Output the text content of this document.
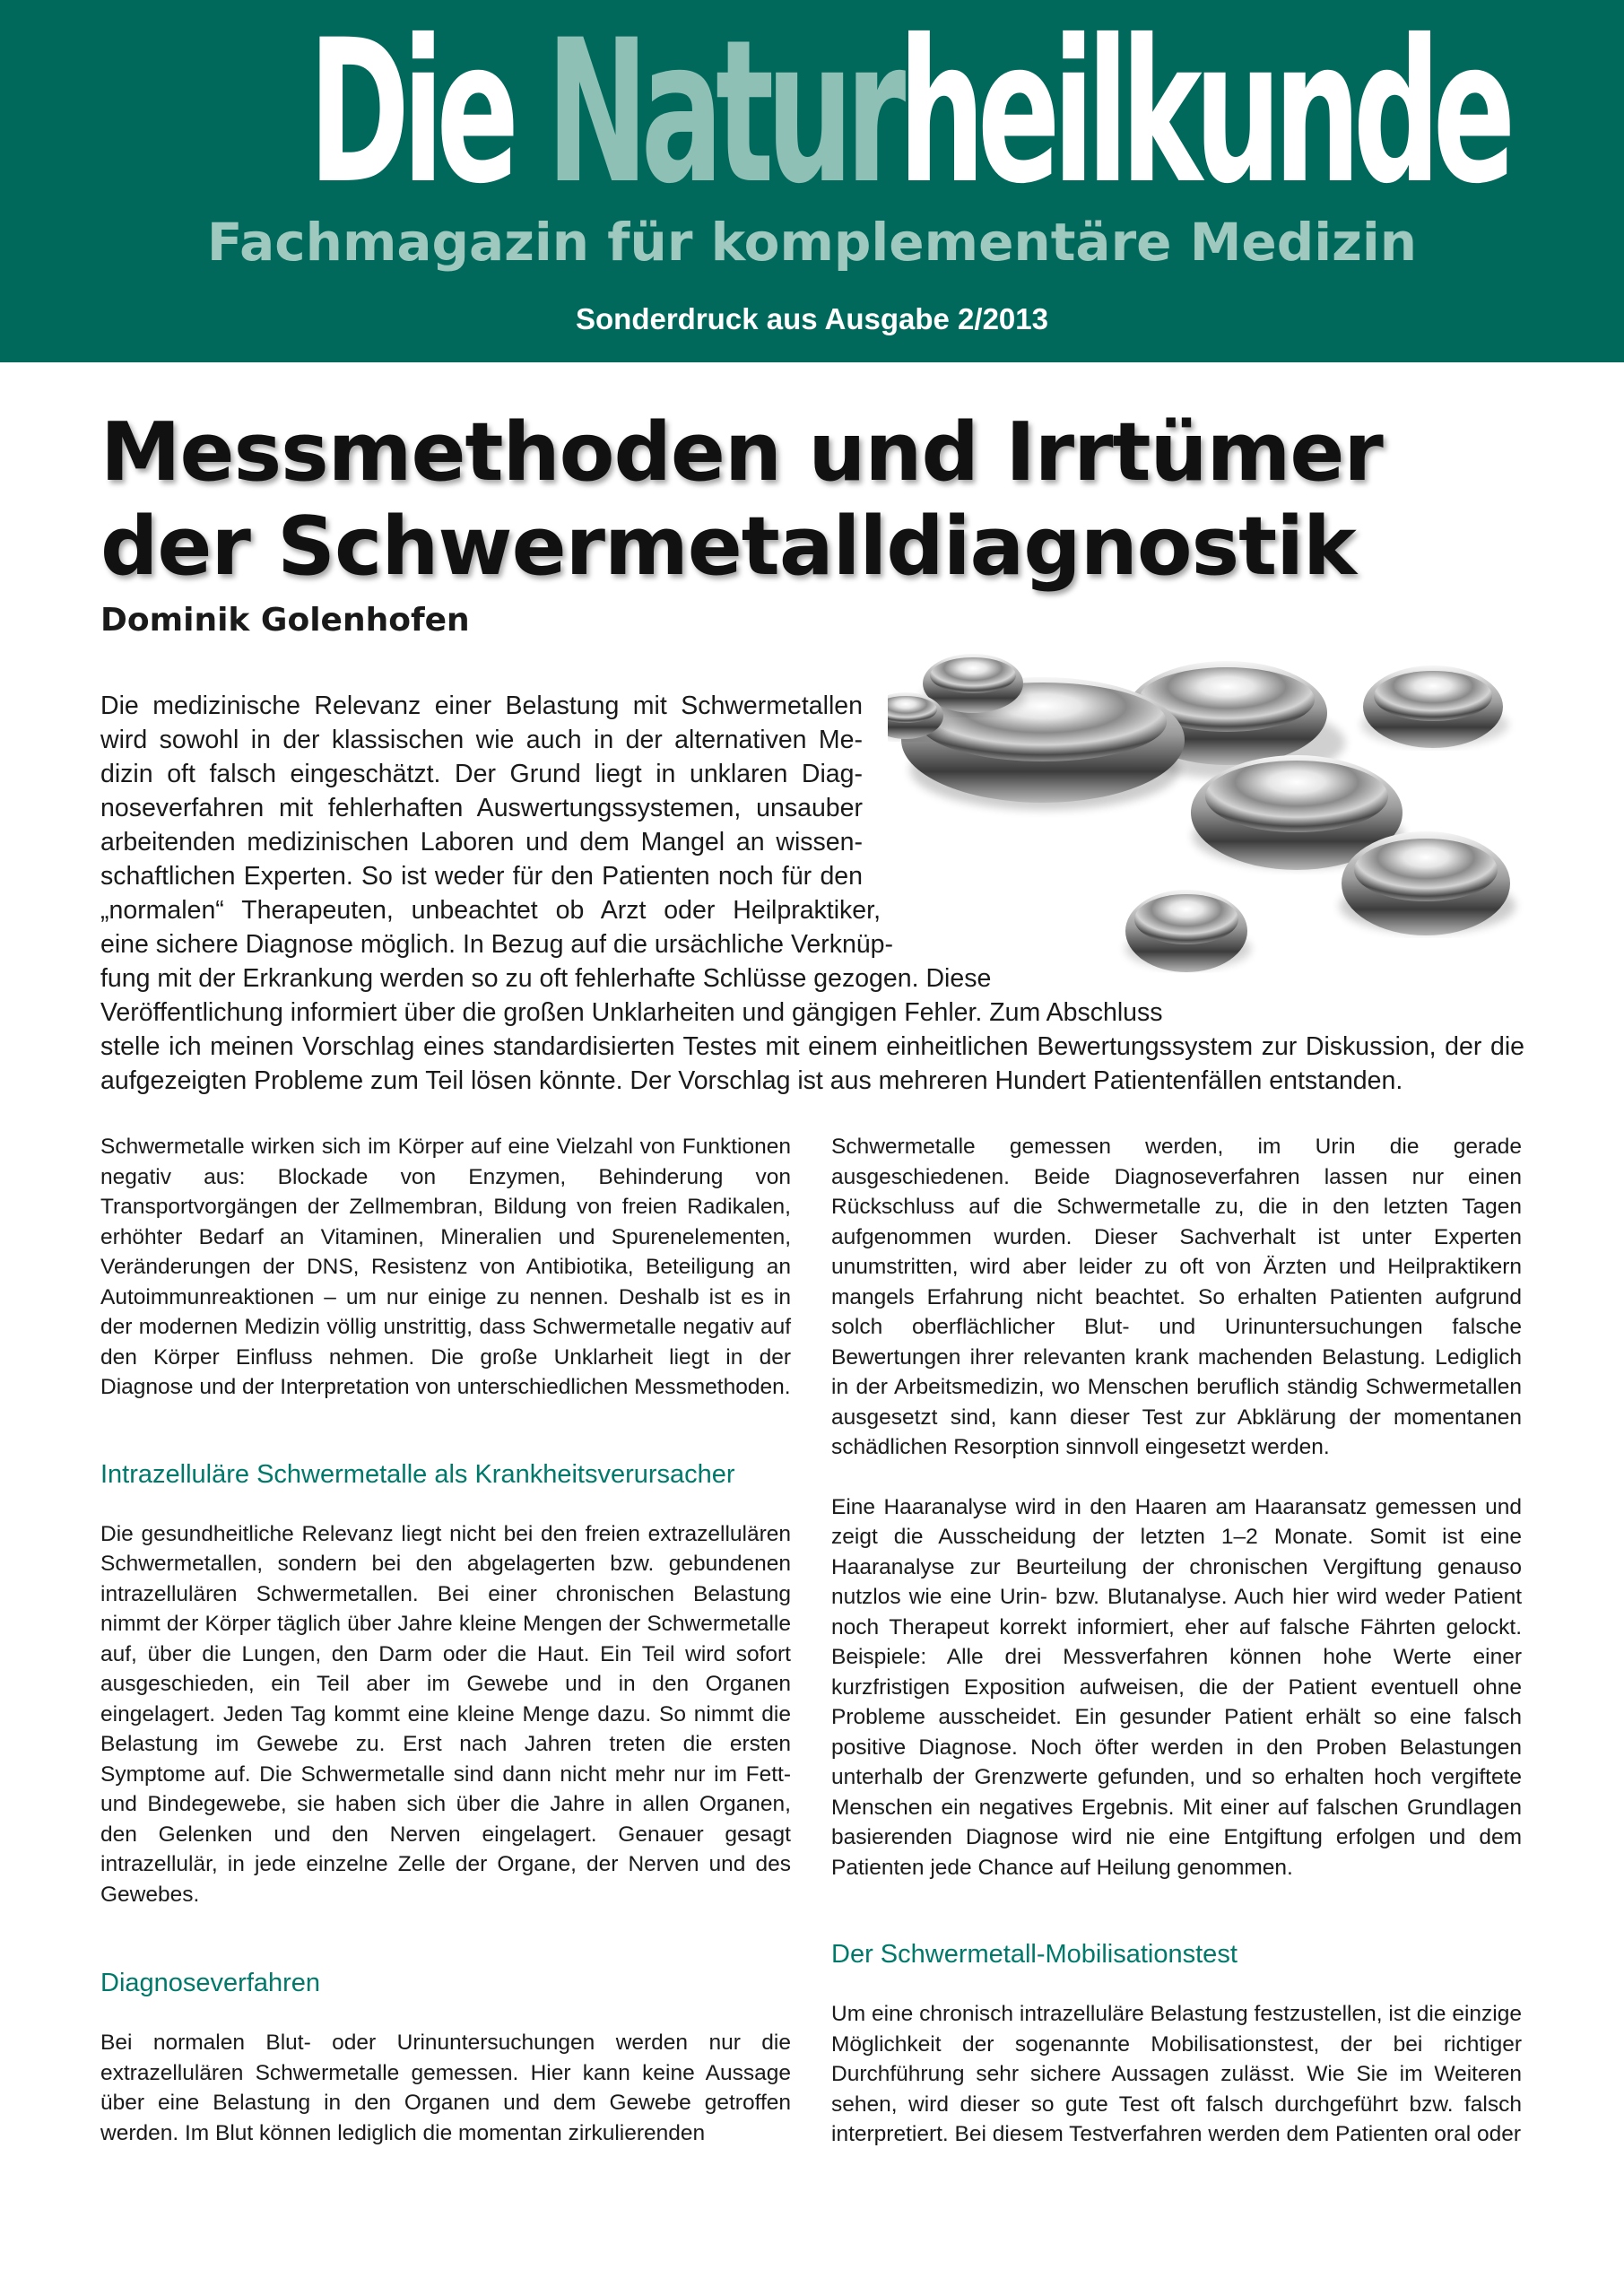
Die Naturheilkunde
Fachmagazin für komplementäre Medizin
Sonderdruck aus Ausgabe 2/2013
Messmethoden und Irrtümer
der Schwermetalldiagnostik
Dominik Golenhofen
Die medizinische Relevanz einer Belastung mit Schwermetallen
wird sowohl in der klassischen wie auch in der alternativen Me-
dizin oft falsch eingeschätzt. Der Grund liegt in unklaren Diag-
noseverfahren mit fehlerhaften Auswertungssystemen, unsauber
arbeitenden medizinischen Laboren und dem Mangel an wissen-
schaftlichen Experten. So ist weder für den Patienten noch für den
„normalen“ Therapeuten, unbeachtet ob Arzt oder Heilpraktiker,
eine sichere Diagnose möglich. In Bezug auf die ursächliche Verknüp-
fung mit der Erkrankung werden so zu oft fehlerhafte Schlüsse gezogen. Diese
Veröffentlichung informiert über die großen Unklarheiten und gängigen Fehler. Zum Abschluss
stelle ich meinen Vorschlag eines standardisierten Testes mit einem einheitlichen Bewertungssystem zur Diskussion, der die
aufgezeigten Probleme zum Teil lösen könnte. Der Vorschlag ist aus mehreren Hundert Patientenfällen entstanden.

Schwermetalle wirken sich im Körper auf eine Vielzahl von Funktionen negativ aus: Blockade von Enzymen, Behinderung von Transportvorgängen der Zellmembran, Bildung von freien Radikalen, erhöhter Bedarf an Vitaminen, Mineralien und Spurenelementen, Veränderungen der DNS, Resistenz von Antibiotika, Beteiligung an Autoimmunreaktionen – um nur einige zu nennen. Deshalb ist es in der modernen Medizin völlig unstrittig, dass Schwermetalle negativ auf den Körper Einfluss nehmen. Die große Unklarheit liegt in der Diagnose und der Interpretation von unterschiedlichen Messmethoden.

Intrazelluläre Schwermetalle als Krankheitsverursacher

Die gesundheitliche Relevanz liegt nicht bei den freien extrazellulären Schwermetallen, sondern bei den abgelagerten bzw. gebundenen intrazellulären Schwermetallen. Bei einer chronischen Belastung nimmt der Körper täglich über Jahre kleine Mengen der Schwermetalle auf, über die Lungen, den Darm oder die Haut. Ein Teil wird sofort ausgeschieden, ein Teil aber im Gewebe und in den Organen eingelagert. Jeden Tag kommt eine kleine Menge dazu. So nimmt die Belastung im Gewebe zu. Erst nach Jahren treten die ersten Symptome auf. Die Schwermetalle sind dann nicht mehr nur im Fett- und Bindegewebe, sie haben sich über die Jahre in allen Organen, den Gelenken und den Nerven eingelagert. Genauer gesagt intrazellulär, in jede einzelne Zelle der Organe, der Nerven und des Gewebes.

Diagnoseverfahren

Bei normalen Blut- oder Urinuntersuchungen werden nur die extrazellulären Schwermetalle gemessen. Hier kann keine Aussage über eine Belastung in den Organen und dem Gewebe getroffen werden. Im Blut können lediglich die momentan zirkulierenden

Schwermetalle gemessen werden, im Urin die gerade ausgeschiedenen. Beide Diagnoseverfahren lassen nur einen Rückschluss auf die Schwermetalle zu, die in den letzten Tagen aufgenommen wurden. Dieser Sachverhalt ist unter Experten unumstritten, wird aber leider zu oft von Ärzten und Heilpraktikern mangels Erfahrung nicht beachtet. So erhalten Patienten aufgrund solch oberflächlicher Blut- und Urinuntersuchungen falsche Bewertungen ihrer relevanten krank machenden Belastung. Lediglich in der Arbeitsmedizin, wo Menschen beruflich ständig Schwermetallen ausgesetzt sind, kann dieser Test zur Abklärung der momentanen schädlichen Resorption sinnvoll eingesetzt werden.

Eine Haaranalyse wird in den Haaren am Haaransatz gemessen und zeigt die Ausscheidung der letzten 1–2 Monate. Somit ist eine Haaranalyse zur Beurteilung der chronischen Vergiftung genauso nutzlos wie eine Urin- bzw. Blutanalyse. Auch hier wird weder Patient noch Therapeut korrekt informiert, eher auf falsche Fährten gelockt. Beispiele: Alle drei Messverfahren können hohe Werte einer kurzfristigen Exposition aufweisen, die der Patient eventuell ohne Probleme ausscheidet. Ein gesunder Patient erhält so eine falsch positive Diagnose. Noch öfter werden in den Proben Belastungen unterhalb der Grenzwerte gefunden, und so erhalten hoch vergiftete Menschen ein negatives Ergebnis. Mit einer auf falschen Grundlagen basierenden Diagnose wird nie eine Entgiftung erfolgen und dem Patienten jede Chance auf Heilung genommen.

Der Schwermetall-Mobilisationstest

Um eine chronisch intrazelluläre Belastung festzustellen, ist die einzige Möglichkeit der sogenannte Mobilisationstest, der bei richtiger Durchführung sehr sichere Aussagen zulässt. Wie Sie im Weiteren sehen, wird dieser so gute Test oft falsch durchgeführt bzw. falsch interpretiert. Bei diesem Testverfahren werden dem Patienten oral oder
